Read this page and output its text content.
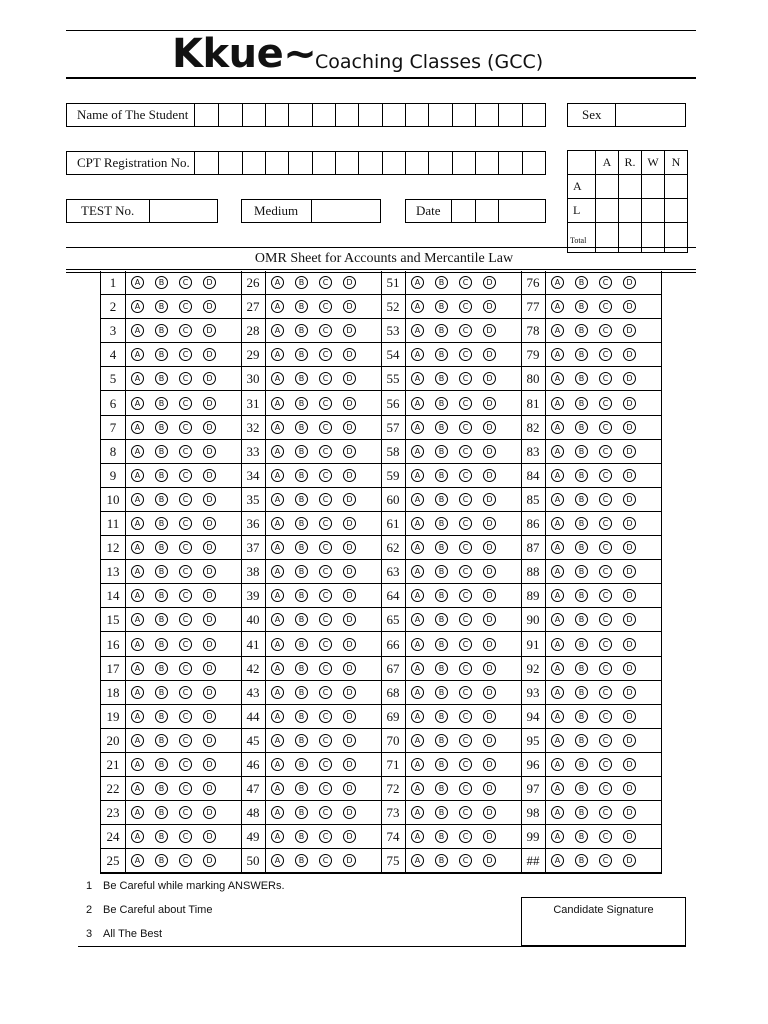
Kkue~
Coaching Classes (GCC)
Name of The Student	Sex
CPT Registration No.
TEST No.	Medium	Date
	A	R.	W	N
A				
L				
Total				
OMR Sheet for Accounts and Mercantile Law
1	A	B	C	D
2	A	B	C	D
3	A	B	C	D
4	A	B	C	D
5	A	B	C	D
6	A	B	C	D
7	A	B	C	D
8	A	B	C	D
9	A	B	C	D
10	A	B	C	D
11	A	B	C	D
12	A	B	C	D
13	A	B	C	D
14	A	B	C	D
15	A	B	C	D
16	A	B	C	D
17	A	B	C	D
18	A	B	C	D
19	A	B	C	D
20	A	B	C	D
21	A	B	C	D
22	A	B	C	D
23	A	B	C	D
24	A	B	C	D
25	A	B	C	D
26	A	B	C	D
27	A	B	C	D
28	A	B	C	D
29	A	B	C	D
30	A	B	C	D
31	A	B	C	D
32	A	B	C	D
33	A	B	C	D
34	A	B	C	D
35	A	B	C	D
36	A	B	C	D
37	A	B	C	D
38	A	B	C	D
39	A	B	C	D
40	A	B	C	D
41	A	B	C	D
42	A	B	C	D
43	A	B	C	D
44	A	B	C	D
45	A	B	C	D
46	A	B	C	D
47	A	B	C	D
48	A	B	C	D
49	A	B	C	D
50	A	B	C	D
51	A	B	C	D
52	A	B	C	D
53	A	B	C	D
54	A	B	C	D
55	A	B	C	D
56	A	B	C	D
57	A	B	C	D
58	A	B	C	D
59	A	B	C	D
60	A	B	C	D
61	A	B	C	D
62	A	B	C	D
63	A	B	C	D
64	A	B	C	D
65	A	B	C	D
66	A	B	C	D
67	A	B	C	D
68	A	B	C	D
69	A	B	C	D
70	A	B	C	D
71	A	B	C	D
72	A	B	C	D
73	A	B	C	D
74	A	B	C	D
75	A	B	C	D
76	A	B	C	D
77	A	B	C	D
78	A	B	C	D
79	A	B	C	D
80	A	B	C	D
81	A	B	C	D
82	A	B	C	D
83	A	B	C	D
84	A	B	C	D
85	A	B	C	D
86	A	B	C	D
87	A	B	C	D
88	A	B	C	D
89	A	B	C	D
90	A	B	C	D
91	A	B	C	D
92	A	B	C	D
93	A	B	C	D
94	A	B	C	D
95	A	B	C	D
96	A	B	C	D
97	A	B	C	D
98	A	B	C	D
99	A	B	C	D
##	A	B	C	D
1 Be Careful while marking ANSWERs.
2 Be Careful about Time
3 All The Best
Candidate Signature
